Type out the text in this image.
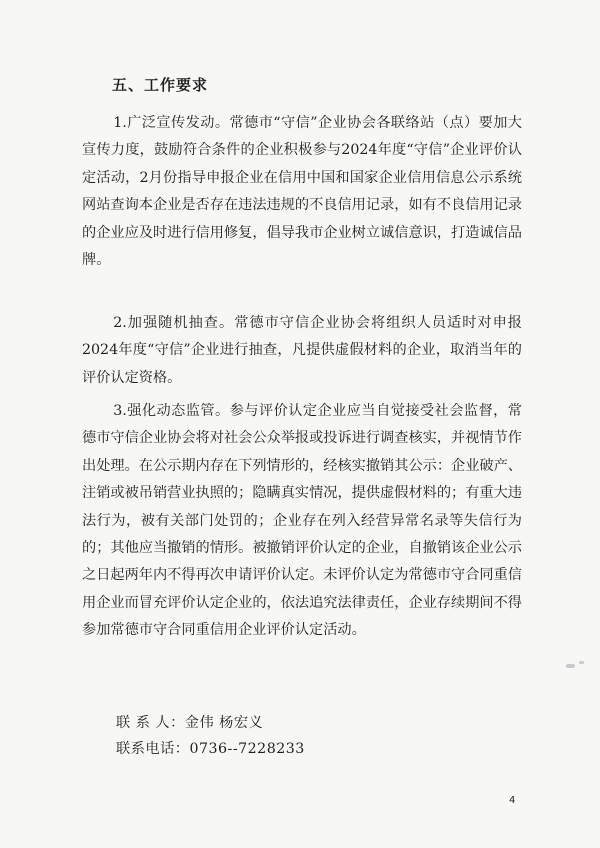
五、工作要求

1.广泛宣传发动。常德市“守信”企业协会各联络站（点）要加大宣传力度，鼓励符合条件的企业积极参与2024年度“守信”企业评价认定活动，2月份指导申报企业在信用中国和国家企业信用信息公示系统网站查询本企业是否存在违法违规的不良信用记录，如有不良信用记录的企业应及时进行信用修复，倡导我市企业树立诚信意识，打造诚信品牌。

2.加强随机抽查。常德市守信企业协会将组织人员适时对申报2024年度“守信”企业进行抽查，凡提供虚假材料的企业，取消当年的评价认定资格。

3.强化动态监管。参与评价认定企业应当自觉接受社会监督，常德市守信企业协会将对社会公众举报或投诉进行调查核实，并视情节作出处理。在公示期内存在下列情形的，经核实撤销其公示：企业破产、注销或被吊销营业执照的；隐瞒真实情况，提供虚假材料的；有重大违法行为，被有关部门处罚的；企业存在列入经营异常名录等失信行为的；其他应当撤销的情形。被撤销评价认定的企业，自撤销该企业公示之日起两年内不得再次申请评价认定。未评价认定为常德市守合同重信用企业而冒充评价认定企业的，依法追究法律责任，企业存续期间不得参加常德市守合同重信用企业评价认定活动。

联 系 人：金伟 杨宏义
联系电话：0736--7228233
4
